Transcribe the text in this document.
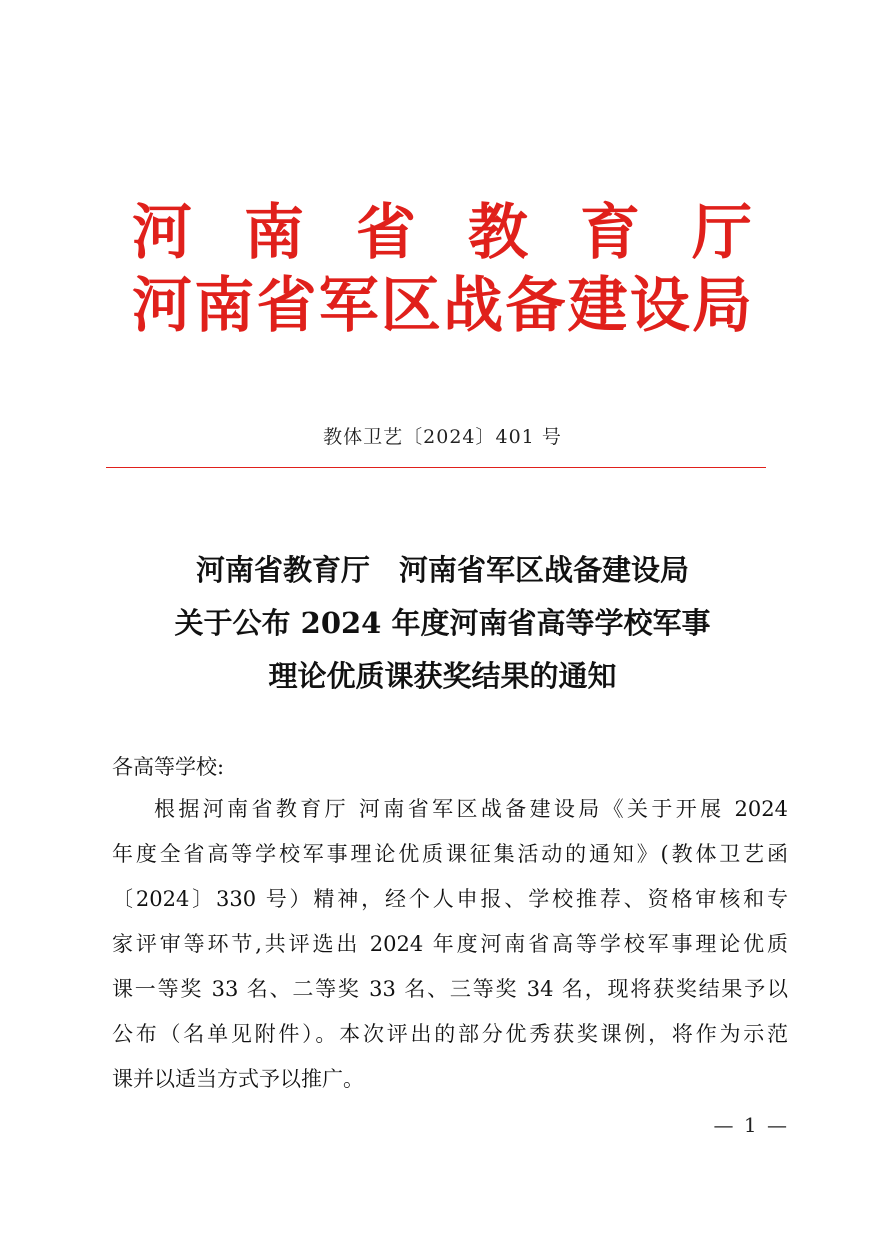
河 南 省 教 育 厅
河 南 省 军 区 战 备 建 设 局
教体卫艺〔2024〕401 号
河南省教育厅　河南省军区战备建设局
关于公布 2024 年度河南省高等学校军事
理论优质课获奖结果的通知
各高等学校:
根据河南省教育厅 河南省军区战备建设局《关于开展 2024
年度全省高等学校军事理论优质课征集活动的通知》(教体卫艺函
〔2024〕330 号）精神，经个人申报、学校推荐、资格审核和专
家评审等环节,共评选出 2024 年度河南省高等学校军事理论优质
课一等奖 33 名、二等奖 33 名、三等奖 34 名，现将获奖结果予以
公布（名单见附件）。本次评出的部分优秀获奖课例，将作为示范
课并以适当方式予以推广。
— 1 —
